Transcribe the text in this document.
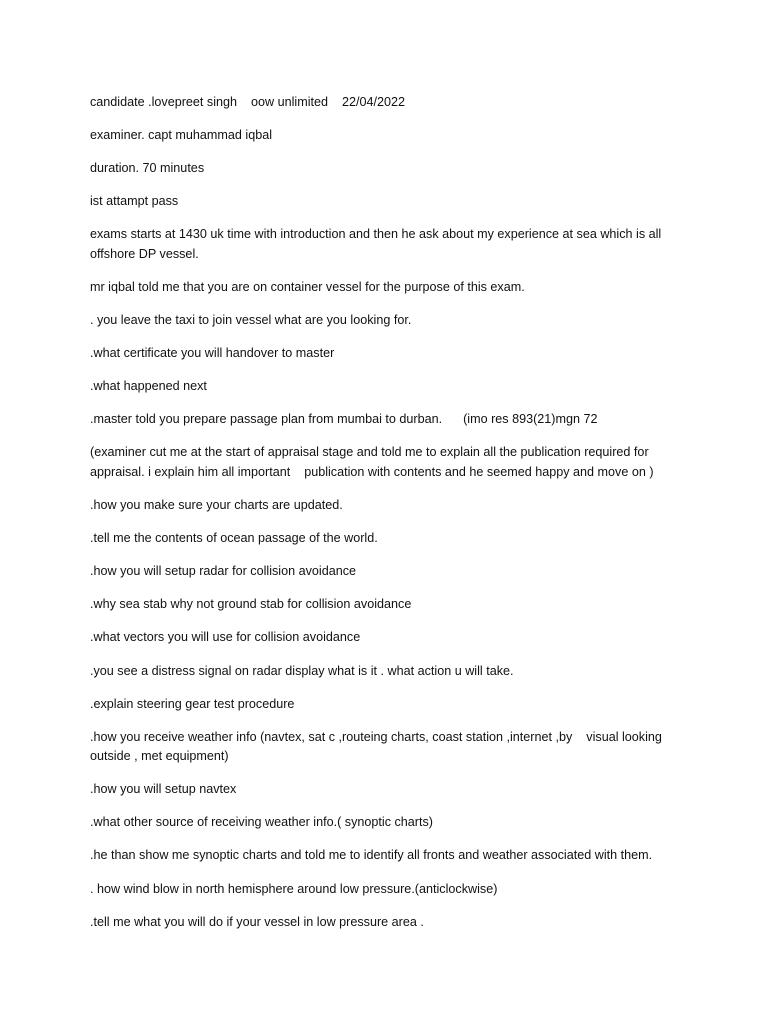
candidate .lovepreet singh    oow unlimited    22/04/2022

examiner. capt muhammad iqbal

duration. 70 minutes

ist attampt pass

exams starts at 1430 uk time with introduction and then he ask about my experience at sea which is all offshore DP vessel.

mr iqbal told me that you are on container vessel for the purpose of this exam.

. you leave the taxi to join vessel what are you looking for.

.what certificate you will handover to master

.what happened next

.master told you prepare passage plan from mumbai to durban.      (imo res 893(21)mgn 72

(examiner cut me at the start of appraisal stage and told me to explain all the publication required for appraisal. i explain him all important    publication with contents and he seemed happy and move on )

.how you make sure your charts are updated.

.tell me the contents of ocean passage of the world.

.how you will setup radar for collision avoidance

.why sea stab why not ground stab for collision avoidance

.what vectors you will use for collision avoidance

.you see a distress signal on radar display what is it . what action u will take.

.explain steering gear test procedure

.how you receive weather info (navtex, sat c ,routeing charts, coast station ,internet ,by    visual looking outside , met equipment)

.how you will setup navtex

.what other source of receiving weather info.( synoptic charts)

.he than show me synoptic charts and told me to identify all fronts and weather associated with them.

. how wind blow in north hemisphere around low pressure.(anticlockwise)

.tell me what you will do if your vessel in low pressure area .
